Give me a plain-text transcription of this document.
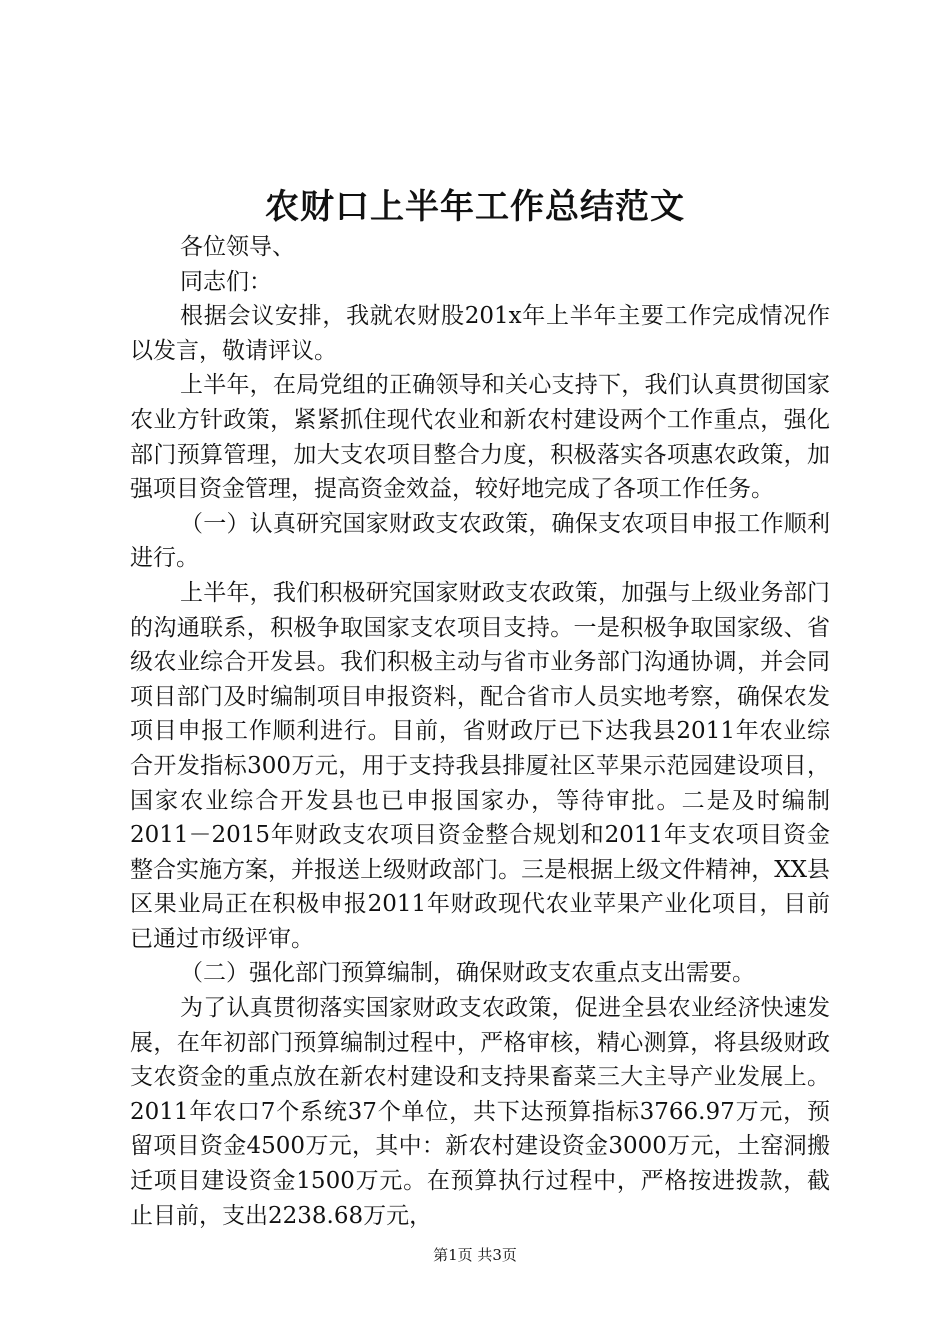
农财口上半年工作总结范文

各位领导、

同志们：

根据会议安排，我就农财股201x年上半年主要工作完成情况作以发言，敬请评议。

上半年，在局党组的正确领导和关心支持下，我们认真贯彻国家农业方针政策，紧紧抓住现代农业和新农村建设两个工作重点，强化部门预算管理，加大支农项目整合力度，积极落实各项惠农政策，加强项目资金管理，提高资金效益，较好地完成了各项工作任务。

（一）认真研究国家财政支农政策，确保支农项目申报工作顺利进行。

上半年，我们积极研究国家财政支农政策，加强与上级业务部门的沟通联系，积极争取国家支农项目支持。一是积极争取国家级、省级农业综合开发县。我们积极主动与省市业务部门沟通协调，并会同项目部门及时编制项目申报资料，配合省市人员实地考察，确保农发项目申报工作顺利进行。目前，省财政厅已下达我县2011年农业综合开发指标300万元，用于支持我县排厦社区苹果示范园建设项目，国家农业综合开发县也已申报国家办，等待审批。二是及时编制2011－2015年财政支农项目资金整合规划和2011年支农项目资金整合实施方案，并报送上级财政部门。三是根据上级文件精神，XX县区果业局正在积极申报2011年财政现代农业苹果产业化项目，目前已通过市级评审。

（二）强化部门预算编制，确保财政支农重点支出需要。

为了认真贯彻落实国家财政支农政策，促进全县农业经济快速发展，在年初部门预算编制过程中，严格审核，精心测算，将县级财政支农资金的重点放在新农村建设和支持果畜菜三大主导产业发展上。2011年农口7个系统37个单位，共下达预算指标3766.97万元，预留项目资金4500万元，其中：新农村建设资金3000万元，土窑洞搬迁项目建设资金1500万元。在预算执行过程中，严格按进拨款，截止目前，支出2238.68万元，

第1页 共3页
